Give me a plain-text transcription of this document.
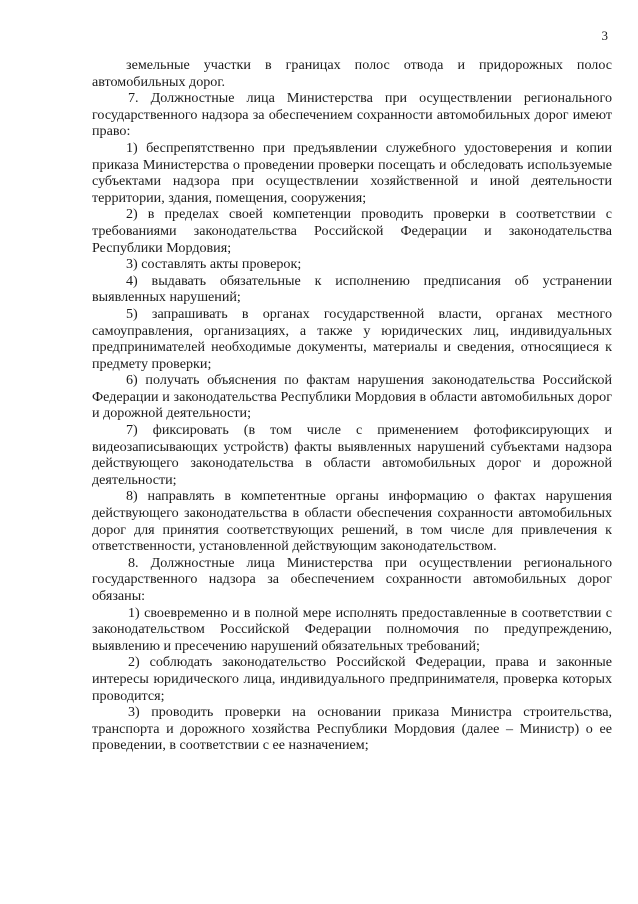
3

земельные участки в границах полос отвода и придорожных полос автомобильных дорог.

7. Должностные лица Министерства при осуществлении регионального государственного надзора за обеспечением сохранности автомобильных дорог имеют право:

1) беспрепятственно при предъявлении служебного удостоверения и копии приказа Министерства о проведении проверки посещать и обследовать используемые субъектами надзора при осуществлении хозяйственной и иной деятельности территории, здания, помещения, сооружения;

2) в пределах своей компетенции проводить проверки в соответствии с требованиями законодательства Российской Федерации и законодательства Республики Мордовия;

3) составлять акты проверок;

4) выдавать обязательные к исполнению предписания об устранении выявленных нарушений;

5) запрашивать в органах государственной власти, органах местного самоуправления, организациях, а также у юридических лиц, индивидуальных предпринимателей необходимые документы, материалы и сведения, относящиеся к предмету проверки;

6) получать объяснения по фактам нарушения законодательства Российской Федерации и законодательства Республики Мордовия в области автомобильных дорог и дорожной деятельности;

7) фиксировать (в том числе с применением фотофиксирующих и видеозаписывающих устройств) факты выявленных нарушений субъектами надзора действующего законодательства в области автомобильных дорог и дорожной деятельности;

8) направлять в компетентные органы информацию о фактах нарушения действующего законодательства в области обеспечения сохранности автомобильных дорог для принятия соответствующих решений, в том числе для привлечения к ответственности, установленной действующим законодательством.

8. Должностные лица Министерства при осуществлении регионального государственного надзора за обеспечением сохранности автомобильных дорог обязаны:

1) своевременно и в полной мере исполнять предоставленные в соответствии с законодательством Российской Федерации полномочия по предупреждению, выявлению и пресечению нарушений обязательных требований;

2) соблюдать законодательство Российской Федерации, права и законные интересы юридического лица, индивидуального предпринимателя, проверка которых проводится;

3) проводить проверки на основании приказа Министра строительства, транспорта и дорожного хозяйства Республики Мордовия (далее – Министр) о ее проведении, в соответствии с ее назначением;
